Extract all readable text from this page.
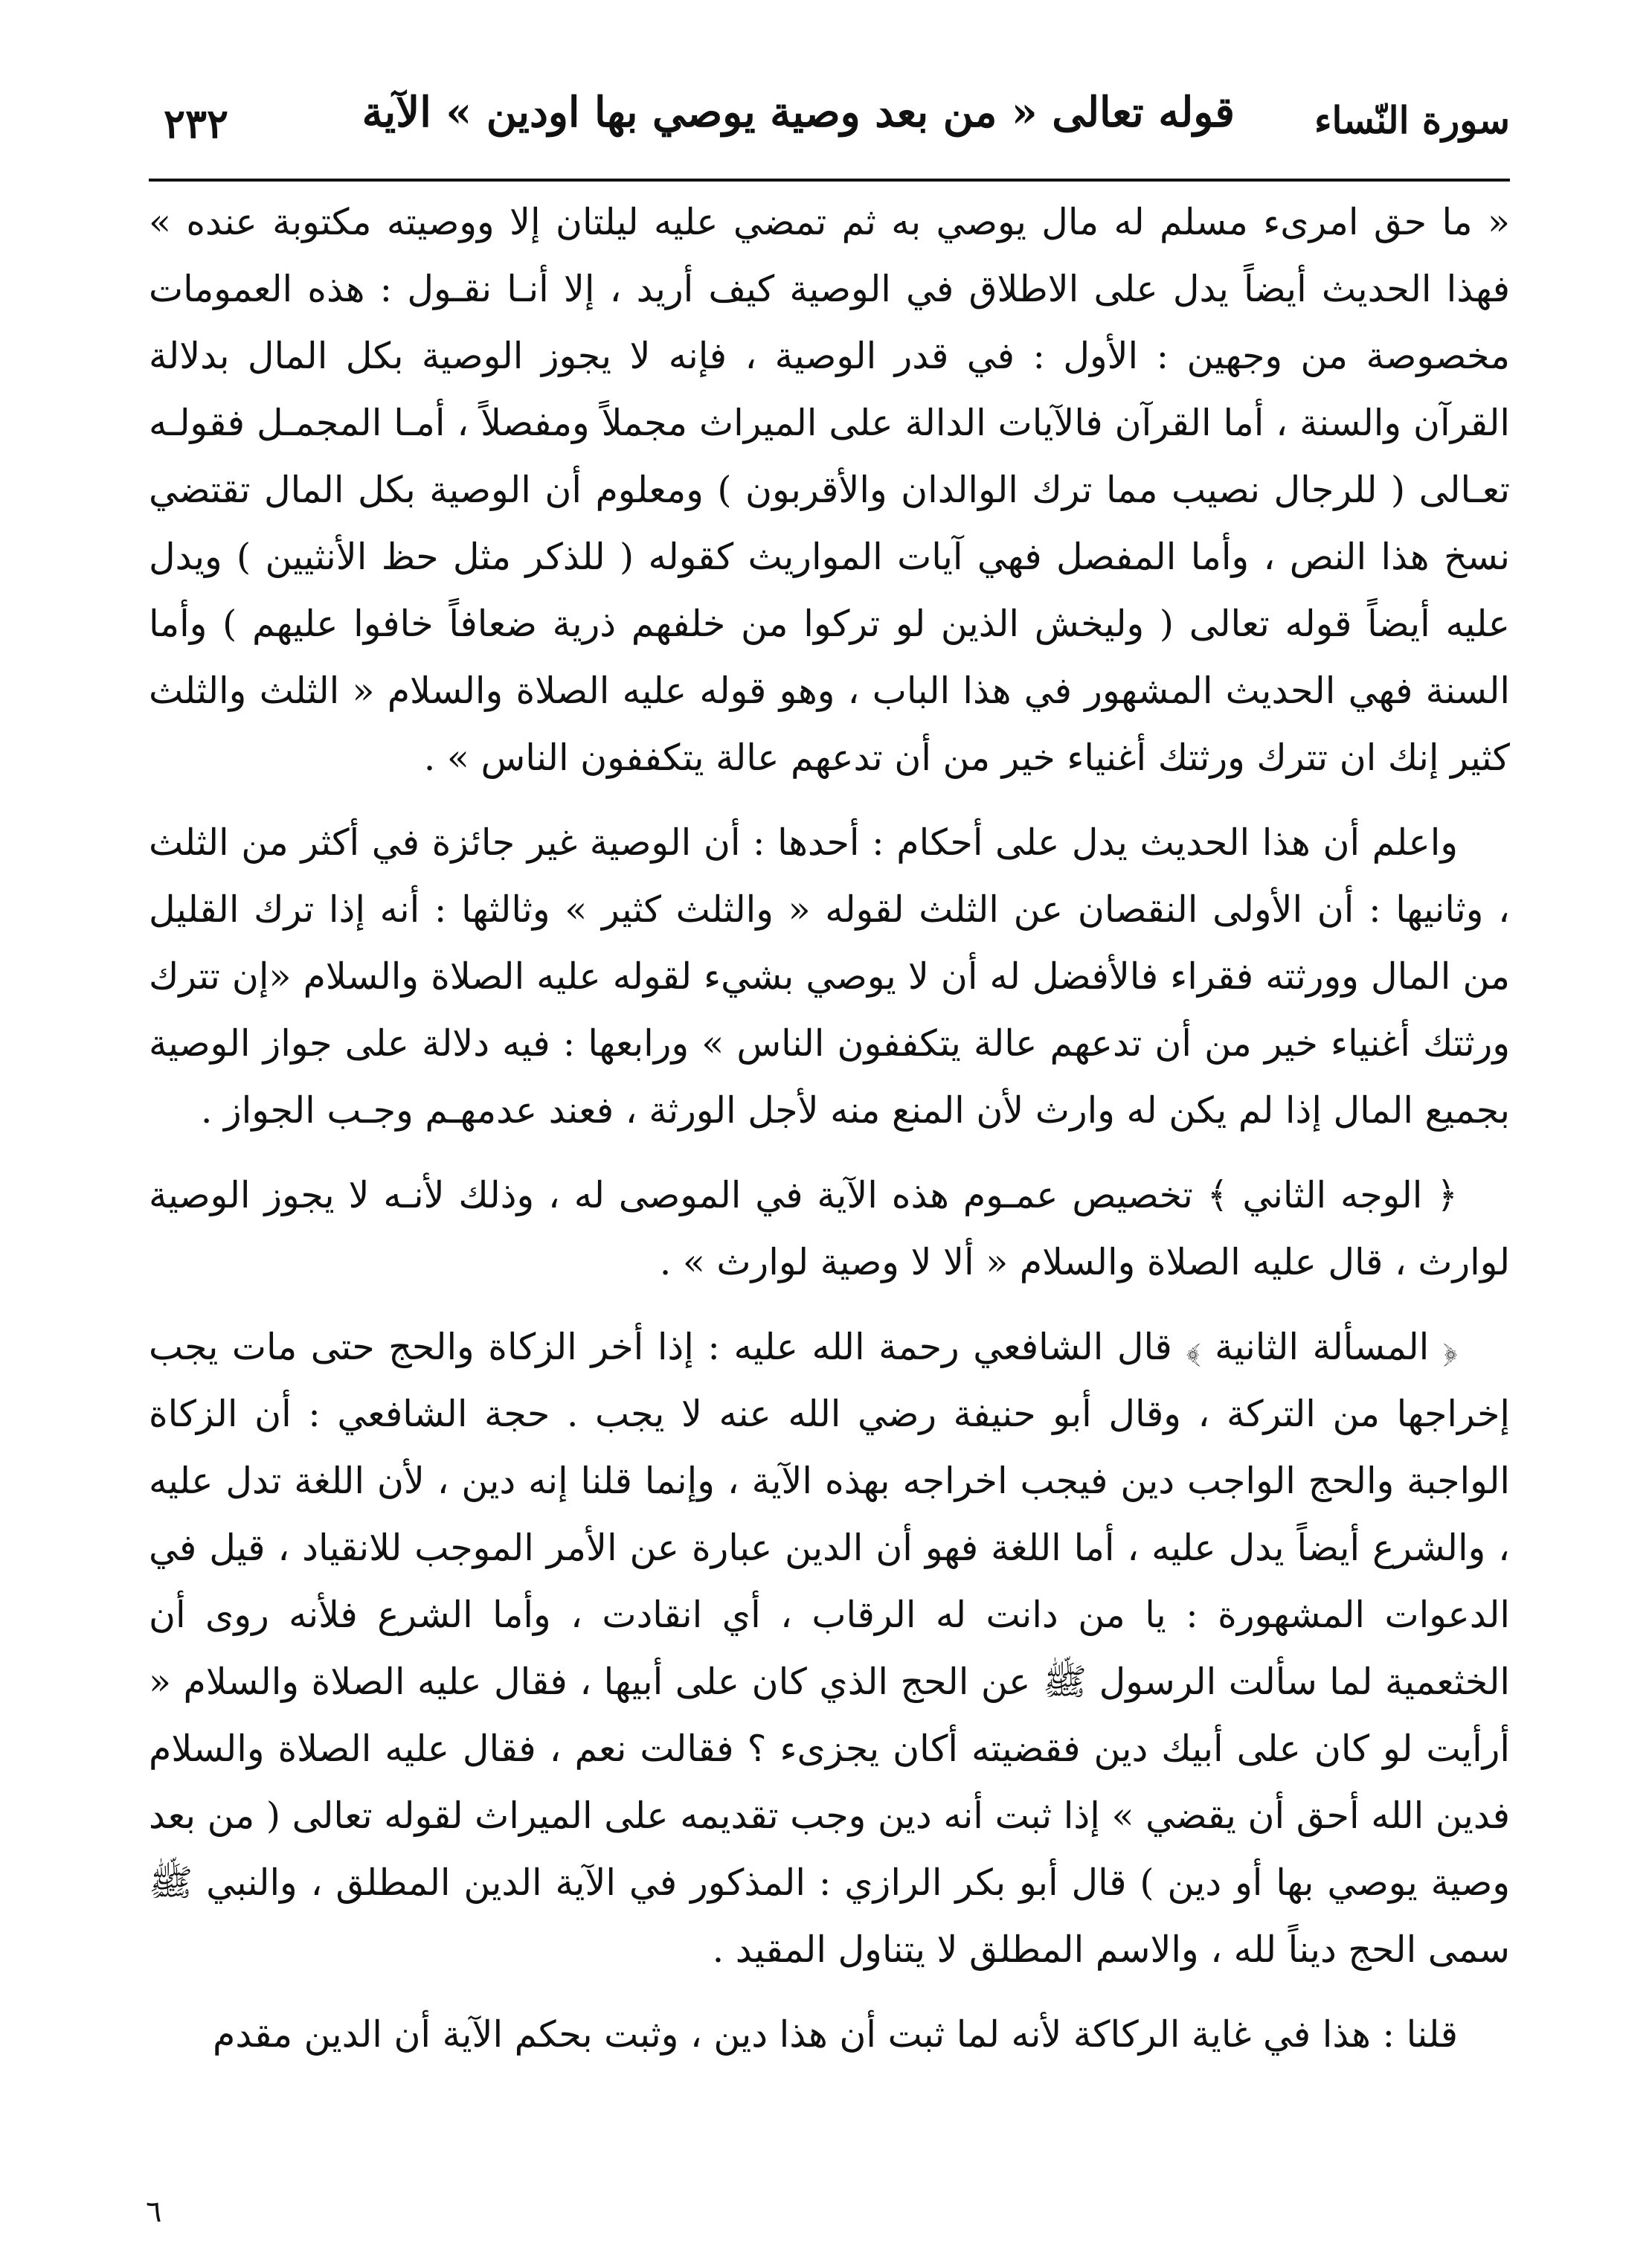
سورة النّساء
قوله تعالى « من بعد وصية يوصي بها اودين » الآية
٢٣٢

« ما حق امرىء مسلم له مال يوصي به ثم تمضي عليه ليلتان إلا ووصيته مكتوبة عنده » فهذا الحديث أيضاً يدل على الاطلاق في الوصية كيف أريد ، إلا أنـا نقـول : هذه العمومات مخصوصة من وجهين : الأول : في قدر الوصية ، فإنه لا يجوز الوصية بكل المال بدلالة القرآن والسنة ، أما القرآن فالآيات الدالة على الميراث مجملاً ومفصلاً ، أمـا المجمـل فقولـه تعـالى ( للرجال نصيب مما ترك الوالدان والأقربون ) ومعلوم أن الوصية بكل المال تقتضي نسخ هذا النص ، وأما المفصل فهي آيات المواريث كقوله ( للذكر مثل حظ الأنثيين ) ويدل عليه أيضاً قوله تعالى ( وليخش الذين لو تركوا من خلفهم ذرية ضعافاً خافوا عليهم ) وأما السنة فهي الحديث المشهور في هذا الباب ، وهو قوله عليه الصلاة والسلام « الثلث والثلث كثير إنك ان تترك ورثتك أغنياء خير من أن تدعهم عالة يتكففون الناس » .

واعلم أن هذا الحديث يدل على أحكام : أحدها : أن الوصية غير جائزة في أكثر من الثلث ، وثانيها : أن الأولى النقصان عن الثلث لقوله « والثلث كثير » وثالثها : أنه إذا ترك القليل من المال وورثته فقراء فالأفضل له أن لا يوصي بشيء لقوله عليه الصلاة والسلام «إن تترك ورثتك أغنياء خير من أن تدعهم عالة يتكففون الناس » ورابعها : فيه دلالة على جواز الوصية بجميع المال إذا لم يكن له وارث لأن المنع منه لأجل الورثة ، فعند عدمهـم وجـب الجواز .

﴿ الوجه الثاني ﴾ تخصيص عمـوم هذه الآية في الموصى له ، وذلك لأنـه لا يجوز الوصية لوارث ، قال عليه الصلاة والسلام « ألا لا وصية لوارث » .

﴿ المسألة الثانية ﴾ قال الشافعي رحمة الله عليه : إذا أخر الزكاة والحج حتى مات يجب إخراجها من التركة ، وقال أبو حنيفة رضي الله عنه لا يجب . حجة الشافعي : أن الزكاة الواجبة والحج الواجب دين فيجب اخراجه بهذه الآية ، وإنما قلنا إنه دين ، لأن اللغة تدل عليه ، والشرع أيضاً يدل عليه ، أما اللغة فهو أن الدين عبارة عن الأمر الموجب للانقياد ، قيل في الدعوات المشهورة : يا من دانت له الرقاب ، أي انقادت ، وأما الشرع فلأنه روى أن الخثعمية لما سألت الرسول ﷺ عن الحج الذي كان على أبيها ، فقال عليه الصلاة والسلام « أرأيت لو كان على أبيك دين فقضيته أكان يجزىء ؟ فقالت نعم ، فقال عليه الصلاة والسلام فدين الله أحق أن يقضي » إذا ثبت أنه دين وجب تقديمه على الميراث لقوله تعالى ( من بعد وصية يوصي بها أو دين ) قال أبو بكر الرازي : المذكور في الآية الدين المطلق ، والنبي ﷺ سمى الحج ديناً لله ، والاسم المطلق لا يتناول المقيد .

قلنا : هذا في غاية الركاكة لأنه لما ثبت أن هذا دين ، وثبت بحكم الآية أن الدين مقدم

٦
